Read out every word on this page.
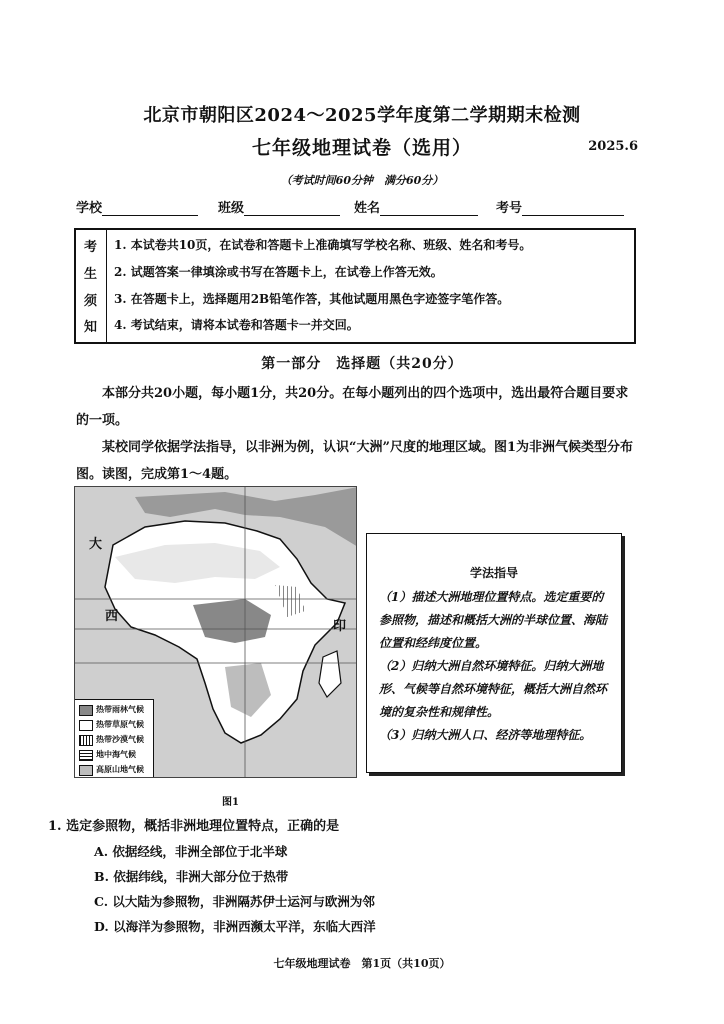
北京市朝阳区2024～2025学年度第二学期期末检测
七年级地理试卷（选用）	2025.6
（考试时间60分钟　满分60分）
学校	班级	姓名	考号
考
生
须
知
1. 本试卷共10页，在试卷和答题卡上准确填写学校名称、班级、姓名和考号。
2. 试题答案一律填涂或书写在答题卡上，在试卷上作答无效。
3. 在答题卡上，选择题用2B铅笔作答，其他试题用黑色字迹签字笔作答。
4. 考试结束，请将本试卷和答题卡一并交回。
第一部分　选择题（共20分）
本部分共20小题，每小题1分，共20分。在每小题列出的四个选项中，选出最符合题目要求的一项。
某校同学依据学法指导，以非洲为例，认识“大洲”尺度的地理区域。图1为非洲气候类型分布图。读图，完成第1～4题。
大
西
印
热带雨林气候
热带草原气候
热带沙漠气候
地中海气候
高原山地气候
图1
学法指导
（1）描述大洲地理位置特点。选定重要的参照物，描述和概括大洲的半球位置、海陆位置和经纬度位置。
（2）归纳大洲自然环境特征。归纳大洲地形、气候等自然环境特征，概括大洲自然环境的复杂性和规律性。
（3）归纳大洲人口、经济等地理特征。
1. 选定参照物，概括非洲地理位置特点，正确的是
A. 依据经线，非洲全部位于北半球
B. 依据纬线，非洲大部分位于热带
C. 以大陆为参照物，非洲隔苏伊士运河与欧洲为邻
D. 以海洋为参照物，非洲西濒太平洋，东临大西洋
七年级地理试卷　第1页（共10页）
